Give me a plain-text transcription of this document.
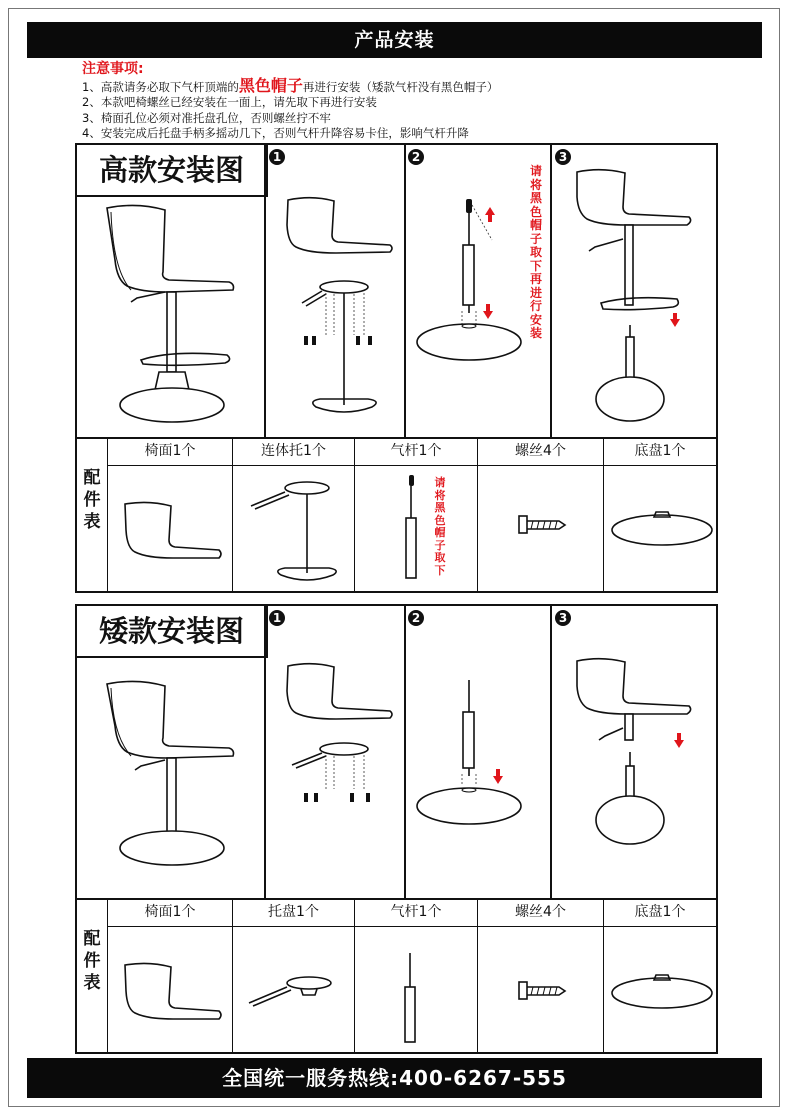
产品安装
注意事项:
1、高款请务必取下气杆顶端的黑色帽子再进行安装（矮款气杆没有黑色帽子）
2、本款吧椅螺丝已经安装在一面上，请先取下再进行安装
3、椅面孔位必须对准托盘孔位，否则螺丝拧不牢
4、安装完成后托盘手柄多摇动几下，否则气杆升降容易卡住，影响气杆升降
高款安装图	1	2	3
请将黑色帽子取下再进行安装
配件表
椅面1个	连体托1个	气杆1个	螺丝4个	底盘1个
请将黑色帽子取下
矮款安装图	1	2	3
配件表
椅面1个	托盘1个	气杆1个	螺丝4个	底盘1个
全国统一服务热线:400-6267-555
